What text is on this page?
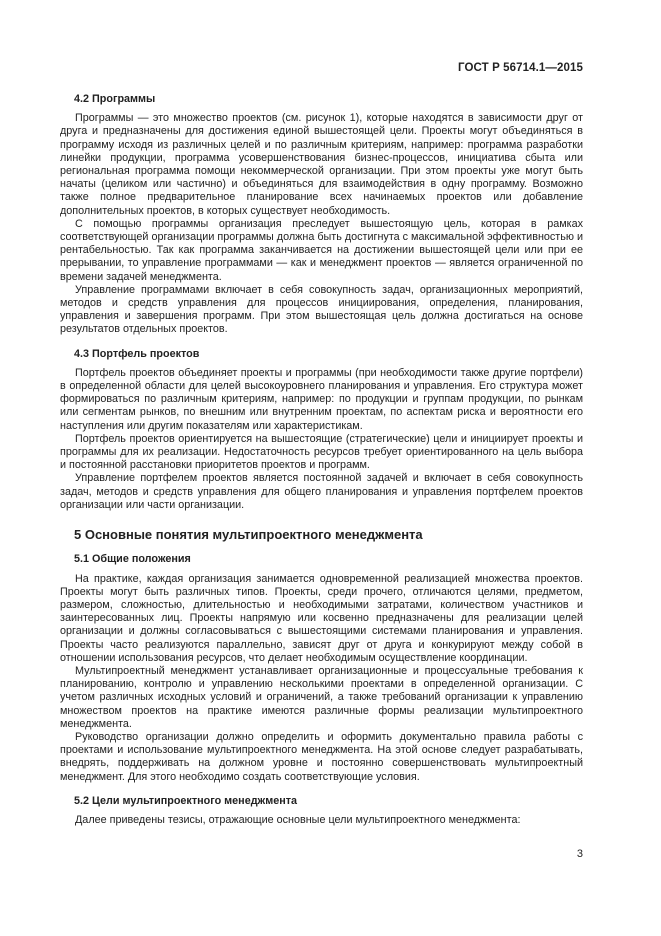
ГОСТ Р 56714.1—2015
4.2 Программы

Программы — это множество проектов (см. рисунок 1), которые находятся в зависимости друг от друга и предназначены для достижения единой вышестоящей цели. Проекты могут объединяться в программу исходя из различных целей и по различным критериям, например: программа разработки линейки продукции, программа усовершенствования бизнес-процессов, инициатива сбыта или региональная программа помощи некоммерческой организации. При этом проекты уже могут быть начаты (целиком или частично) и объединяться для взаимодействия в одну программу. Возможно также полное предварительное планирование всех начинаемых проектов или добавление дополнительных проектов, в которых существует необходимость.

С помощью программы организация преследует вышестоящую цель, которая в рамках соответствующей организации программы должна быть достигнута с максимальной эффективностью и рентабельностью. Так как программа заканчивается на достижении вышестоящей цели или при ее прерывании, то управление программами — как и менеджмент проектов — является ограниченной по времени задачей менеджмента.

Управление программами включает в себя совокупность задач, организационных мероприятий, методов и средств управления для процессов инициирования, определения, планирования, управления и завершения программ. При этом вышестоящая цель должна достигаться на основе результатов отдельных проектов.

4.3 Портфель проектов

Портфель проектов объединяет проекты и программы (при необходимости также другие портфели) в определенной области для целей высокоуровнего планирования и управления. Его структура может формироваться по различным критериям, например: по продукции и группам продукции, по рынкам или сегментам рынков, по внешним или внутренним проектам, по аспектам риска и вероятности его наступления или другим показателям или характеристикам.

Портфель проектов ориентируется на вышестоящие (стратегические) цели и инициирует проекты и программы для их реализации. Недостаточность ресурсов требует ориентированного на цель выбора и постоянной расстановки приоритетов проектов и программ.

Управление портфелем проектов является постоянной задачей и включает в себя совокупность задач, методов и средств управления для общего планирования и управления портфелем проектов организации или части организации.

5 Основные понятия мультипроектного менеджмента
5.1 Общие положения

На практике, каждая организация занимается одновременной реализацией множества проектов. Проекты могут быть различных типов. Проекты, среди прочего, отличаются целями, предметом, размером, сложностью, длительностью и необходимыми затратами, количеством участников и заинтересованных лиц. Проекты напрямую или косвенно предназначены для реализации целей организации и должны согласовываться с вышестоящими системами планирования и управления. Проекты часто реализуются параллельно, зависят друг от друга и конкурируют между собой в отношении использования ресурсов, что делает необходимым осуществление координации.

Мультипроектный менеджмент устанавливает организационные и процессуальные требования к планированию, контролю и управлению несколькими проектами в определенной организации. С учетом различных исходных условий и ограничений, а также требований организации к управлению множеством проектов на практике имеются различные формы реализации мультипроектного менеджмента.

Руководство организации должно определить и оформить документально правила работы с проектами и использование мультипроектного менеджмента. На этой основе следует разрабатывать, внедрять, поддерживать на должном уровне и постоянно совершенствовать мультипроектный менеджмент. Для этого необходимо создать соответствующие условия.

5.2 Цели мультипроектного менеджмента

Далее приведены тезисы, отражающие основные цели мультипроектного менеджмента:

3
